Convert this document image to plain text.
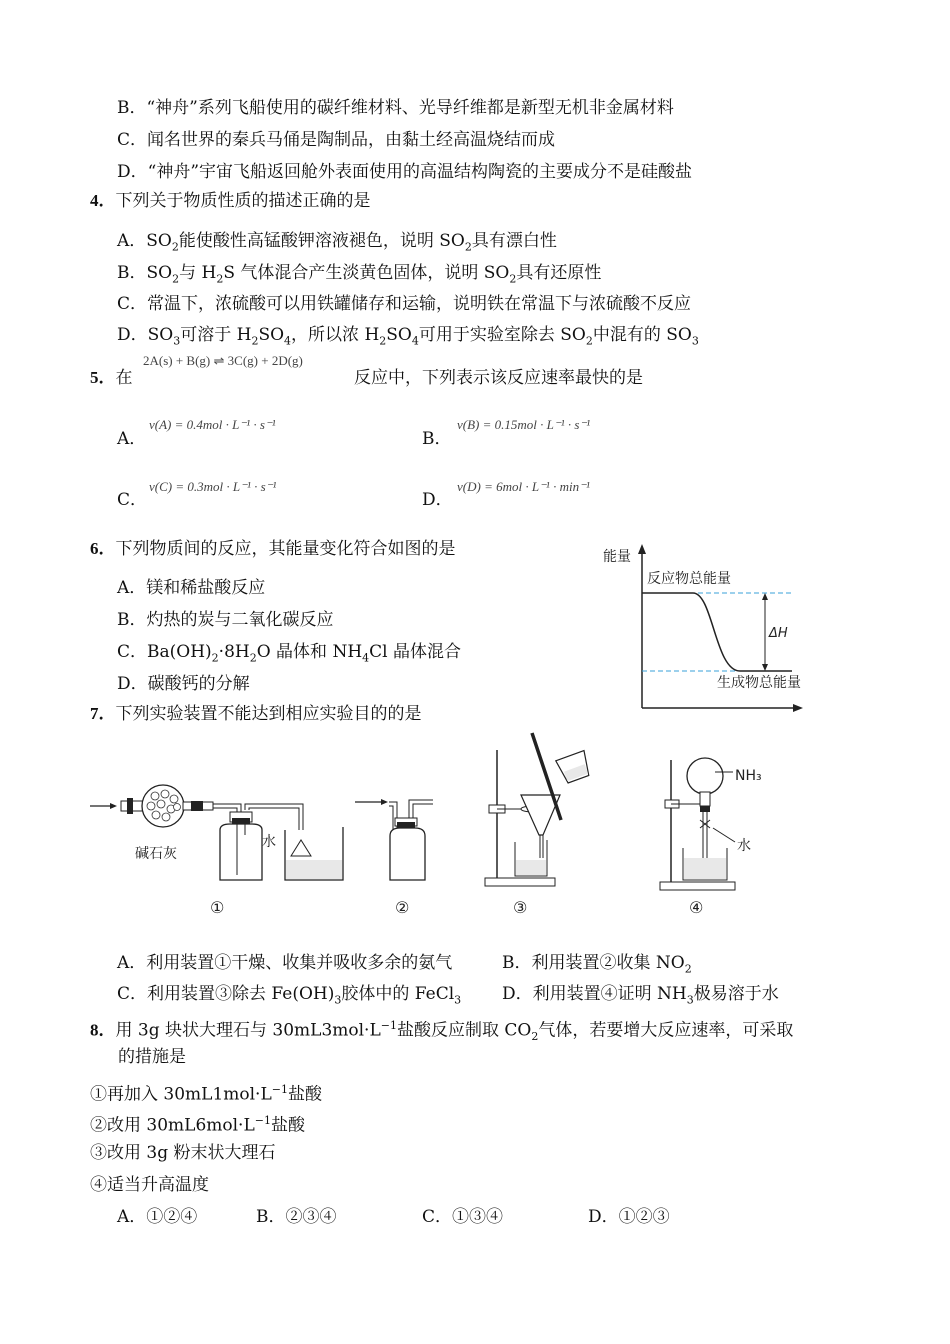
B．“神舟”系列飞船使用的碳纤维材料、光导纤维都是新型无机非金属材料
C．闻名世界的秦兵马俑是陶制品，由黏土经高温烧结而成
D．“神舟”宇宙飞船返回舱外表面使用的高温结构陶瓷的主要成分不是硅酸盐
4．下列关于物质性质的描述正确的是
A．$SO_2$能使酸性高锰酸钾溶液褪色，说明 $SO_2$具有漂白性
B．$SO_2$与 $H_2S$ 气体混合产生淡黄色固体，说明 $SO_2$具有还原性
C．常温下，浓硫酸可以用铁罐储存和运输，说明铁在常温下与浓硫酸不反应
D．$SO_3$可溶于 $H_2SO_4$，所以浓 $H_2SO_4$可用于实验室除去 $SO_2$中混有的 $SO_3$
5．在
2A(s) + B(g) ⇌ 3C(g) + 2D(g)
反应中，下列表示该反应速率最快的是
A．
v(A) = 0.4mol · L⁻¹ · s⁻¹
B．
v(B) = 0.15mol · L⁻¹ · s⁻¹
C．
v(C) = 0.3mol · L⁻¹ · s⁻¹
D．
v(D) = 6mol · L⁻¹ · min⁻¹
6．下列物质间的反应，其能量变化符合如图的是
A．镁和稀盐酸反应
B．灼热的炭与二氧化碳反应
C．$Ba(OH)_2\cdot 8H_2O$ 晶体和 $NH_4Cl$ 晶体混合
D．碳酸钙的分解
能量
反应物总能量
ΔH
生成物总能量
7．下列实验装置不能达到相应实验目的的是
碱石灰
水
NH₃
水
①	②	③	④
A．利用装置①干燥、收集并吸收多余的氨气	B．利用装置②收集 $NO_2$
C．利用装置③除去 $Fe(OH)_3$胶体中的 FeCl$_3$ D．利用装置④证明 $NH_3$极易溶于水
8．用 3g 块状大理石与 $30mL3mol\cdot L^{-1}$盐酸反应制取 $CO_2$气体，若要增大反应速率，可采取
的措施是
①再加入 $30mL1mol\cdot L^{-1}$盐酸
②改用 $30mL6mol\cdot L^{-1}$盐酸
③改用 3g 粉末状大理石
④适当升高温度
A．①②④	B．②③④	C．①③④	D．①②③
